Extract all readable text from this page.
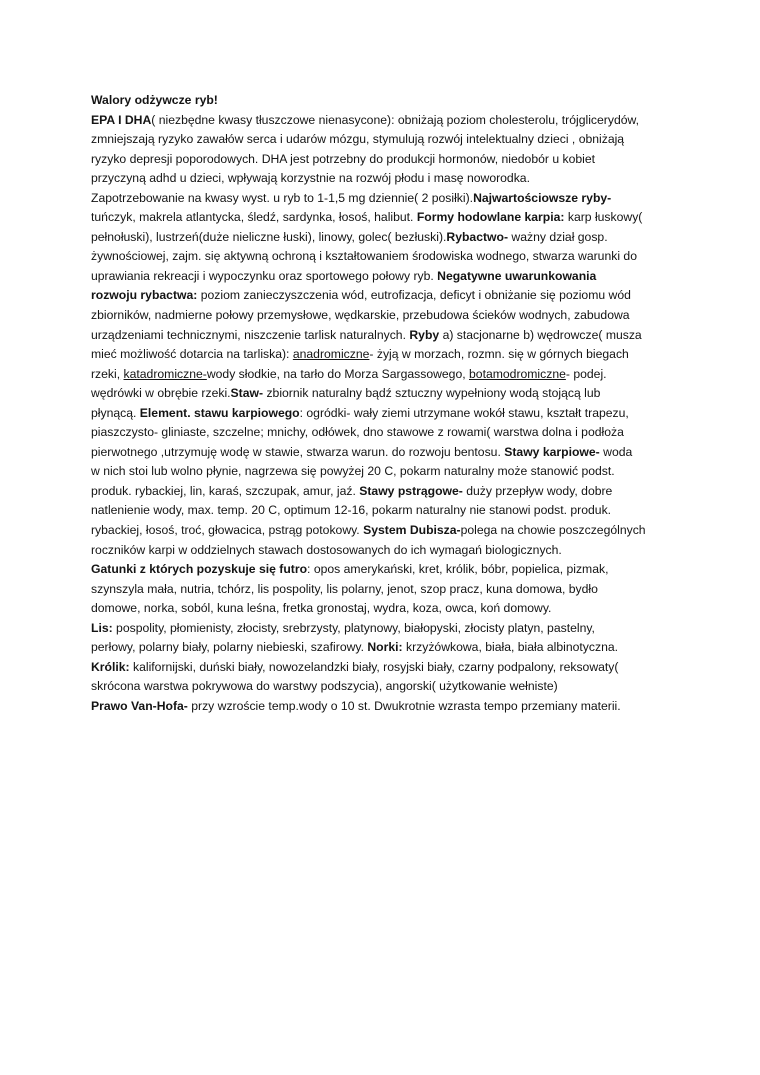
Walory odżywcze ryb!
EPA I DHA( niezbędne kwasy tłuszczowe nienasycone): obniżają poziom cholesterolu, trójglicerydów,
zmniejszają ryzyko zawałów serca i udarów mózgu, stymulują rozwój intelektualny dzieci , obniżają
ryzyko depresji poporodowych. DHA jest potrzebny do produkcji hormonów, niedobór u kobiet
przyczyną adhd u dzieci, wpływają korzystnie na rozwój płodu i masę noworodka.
Zapotrzebowanie na kwasy wyst. u ryb to 1-1,5 mg dziennie( 2 posiłki).Najwartościowsze ryby-
tuńczyk, makrela atlantycka, śledź, sardynka, łosoś, halibut. Formy hodowlane karpia: karp łuskowy(
pełnołuski), lustrzeń(duże nieliczne łuski), linowy, golec( bezłuski).Rybactwo- ważny dział gosp.
żywnościowej, zajm. się aktywną ochroną i kształtowaniem środowiska wodnego, stwarza warunki do
uprawiania rekreacji i wypoczynku oraz sportowego połowy ryb. Negatywne uwarunkowania
rozwoju rybactwa: poziom zanieczyszczenia wód, eutrofizacja, deficyt i obniżanie się poziomu wód
zbiorników, nadmierne połowy przemysłowe, wędkarskie, przebudowa ścieków wodnych, zabudowa
urządzeniami technicznymi, niszczenie tarlisk naturalnych. Ryby a) stacjonarne b) wędrowcze( musza
mieć możliwość dotarcia na tarliska): anadromiczne- żyją w morzach, rozmn. się w górnych biegach
rzeki, katadromiczne-wody słodkie, na tarło do Morza Sargassowego, botamodromiczne- podej.
wędrówki w obrębie rzeki.Staw- zbiornik naturalny bądź sztuczny wypełniony wodą stojącą lub
płynącą. Element. stawu karpiowego: ogródki- wały ziemi utrzymane wokół stawu, kształt trapezu,
piaszczysto- gliniaste, szczelne; mnichy, odłówek, dno stawowe z rowami( warstwa dolna i podłoża
pierwotnego ,utrzymuję wodę w stawie, stwarza warun. do rozwoju bentosu. Stawy karpiowe- woda
w nich stoi lub wolno płynie, nagrzewa się powyżej 20 C, pokarm naturalny może stanowić podst.
produk. rybackiej, lin, karaś, szczupak, amur, jaź. Stawy pstrągowe- duży przepływ wody, dobre
natlenienie wody, max. temp. 20 C, optimum 12-16, pokarm naturalny nie stanowi podst. produk.
rybackiej, łosoś, troć, głowacica, pstrąg potokowy. System Dubisza-polega na chowie poszczególnych
roczników karpi w oddzielnych stawach dostosowanych do ich wymagań biologicznych.
Gatunki z których pozyskuje się futro: opos amerykański, kret, królik, bóbr, popielica, pizmak,
szynszyla mała, nutria, tchórz, lis pospolity, lis polarny, jenot, szop pracz, kuna domowa, bydło
domowe, norka, soból, kuna leśna, fretka gronostaj, wydra, koza, owca, koń domowy.
Lis: pospolity, płomienisty, złocisty, srebrzysty, platynowy, białopyski, złocisty platyn, pastelny,
perłowy, polarny biały, polarny niebieski, szafirowy. Norki: krzyżówkowa, biała, biała albinotyczna.
Królik: kalifornijski, duński biały, nowozelandzki biały, rosyjski biały, czarny podpalony, reksowaty(
skrócona warstwa pokrywowa do warstwy podszycia), angorski( użytkowanie wełniste)
Prawo Van-Hofa- przy wzroście temp.wody o 10 st. Dwukrotnie wzrasta tempo przemiany materii.
